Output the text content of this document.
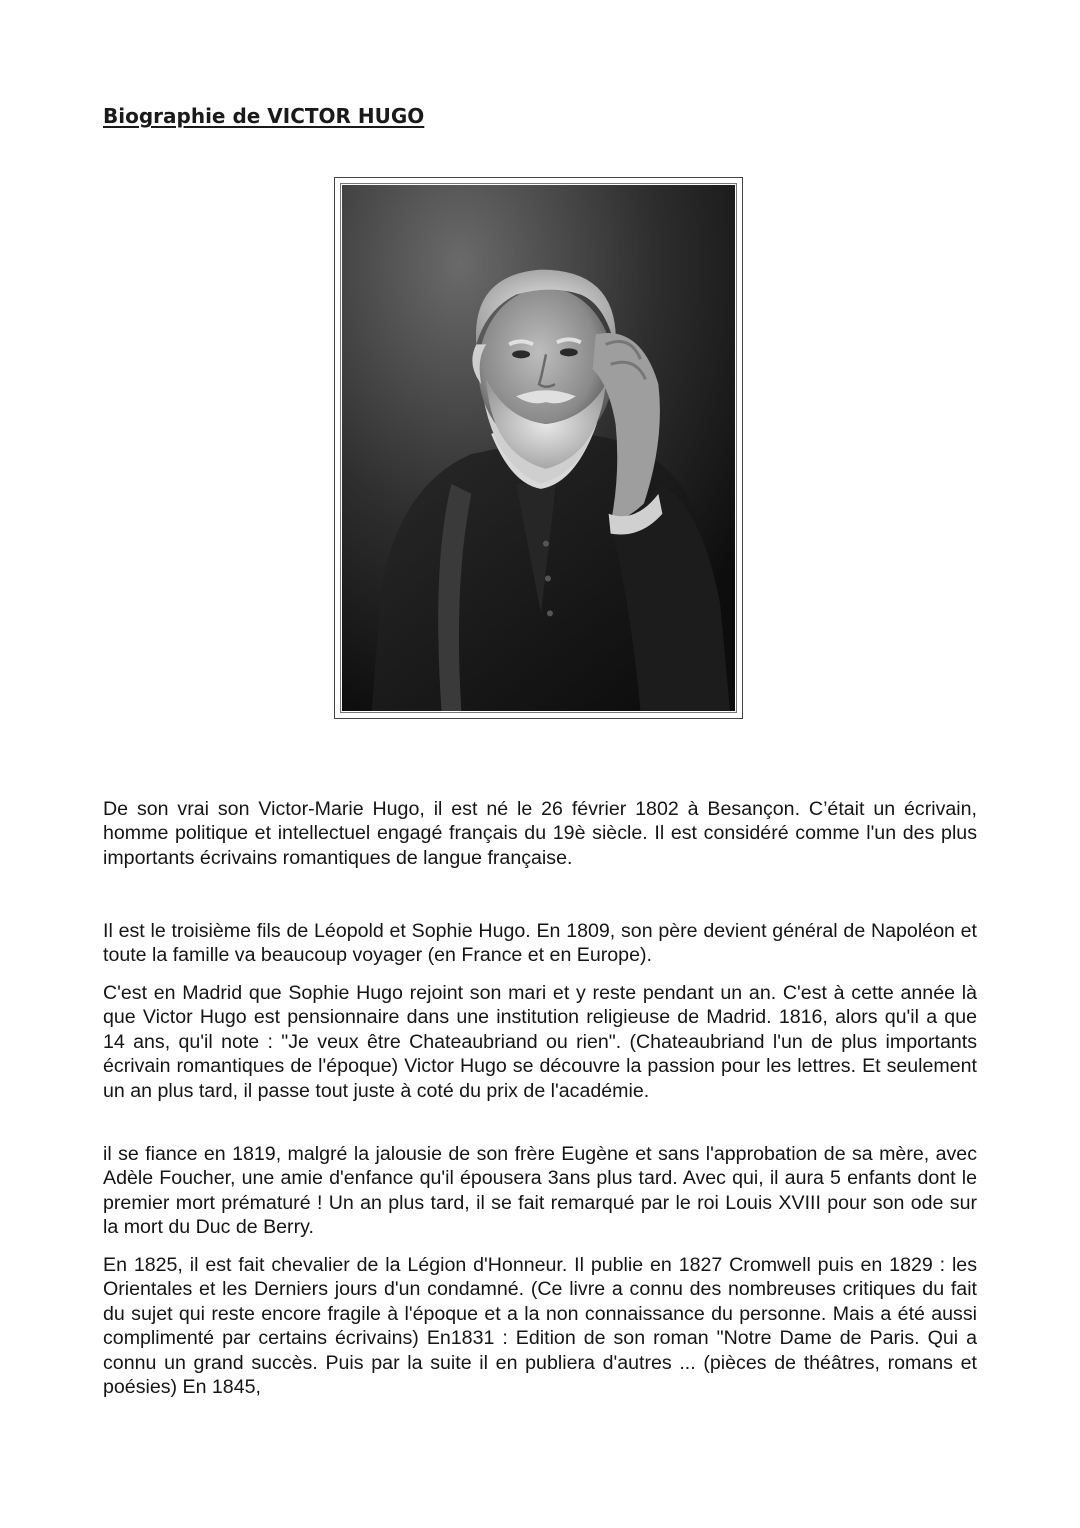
Biographie de VICTOR HUGO

De son vrai son Victor-Marie Hugo, il est né le 26 février 1802 à Besançon. C’était un écrivain, homme politique et intellectuel engagé français du 19è siècle. Il est considéré comme l'un des plus importants écrivains romantiques de langue française.

Il est le troisième fils de Léopold et Sophie Hugo. En 1809, son père devient général de Napoléon et toute la famille va beaucoup voyager (en France et en Europe).

C'est en Madrid que Sophie Hugo rejoint son mari et y reste pendant un an. C'est à cette année là que Victor Hugo est pensionnaire dans une institution religieuse de Madrid. 1816, alors qu'il a que 14 ans, qu'il note : "Je veux être Chateaubriand ou rien". (Chateaubriand l'un de plus importants écrivain romantiques de l'époque) Victor Hugo se découvre la passion pour les lettres. Et seulement un an plus tard, il passe tout juste à coté du prix de l'académie.

il se fiance en 1819, malgré la jalousie de son frère Eugène et sans l'approbation de sa mère, avec Adèle Foucher, une amie d'enfance qu'il épousera 3ans plus tard. Avec qui, il aura 5 enfants dont le premier mort prématuré ! Un an plus tard, il se fait remarqué par le roi Louis XVIII pour son ode sur la mort du Duc de Berry.

En 1825, il est fait chevalier de la Légion d'Honneur. Il publie en 1827 Cromwell puis en 1829 : les Orientales et les Derniers jours d'un condamné. (Ce livre a connu des nombreuses critiques du fait du sujet qui reste encore fragile à l'époque et a la non connaissance du personne. Mais a été aussi complimenté par certains écrivains) En1831 : Edition de son roman "Notre Dame de Paris. Qui a connu un grand succès. Puis par la suite il en publiera d'autres ... (pièces de théâtres, romans et poésies) En 1845,
